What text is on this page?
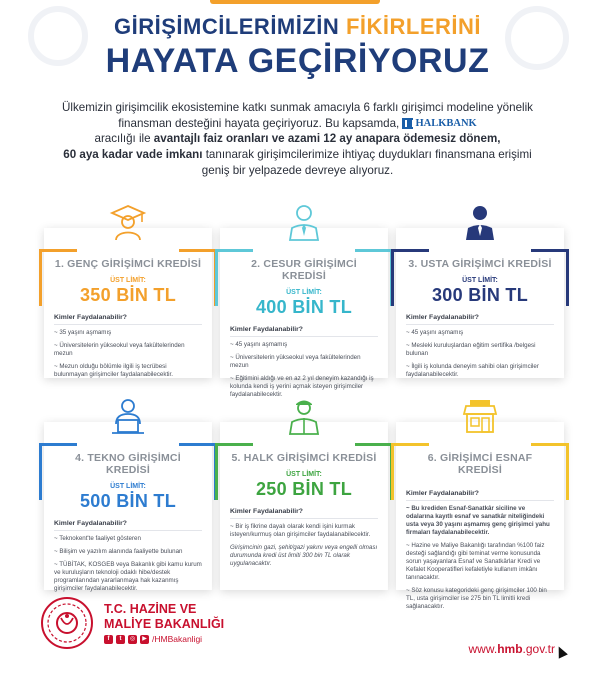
GİRİŞİMCİLERİMİZİN FİKİRLERİNİ
HAYATA GEÇİRİYORUZ
Ülkemizin girişimcilik ekosistemine katkı sunmak amacıyla 6 farklı girişimci modeline yönelik finansman desteğini hayata geçiriyoruz. Bu kapsamda, HALKBANK

aracılığı ile avantajlı faiz oranları ve azami 12 ay anapara ödemesiz dönem,
60 aya kadar vade imkanı tanınarak girişimcilerimize ihtiyaç duydukları finansmana erişimi geniş bir yelpazede devreye alıyoruz.
1. GENÇ GİRİŞİMCİ KREDİSİ
ÜST LİMİT:
350 BİN TL
Kimler Faydalanabilir?
~ 35 yaşını aşmamış
~ Üniversitelerin yükseokul veya fakültelerinden mezun
~ Mezun olduğu bölümle ilgili iş tecrübesi bulunmayan girişimciler faydalanabilecektir.
2. CESUR GİRİŞİMCİ KREDİSİ
ÜST LİMİT:
400 BİN TL
Kimler Faydalanabilir?
~ 45 yaşını aşmamış
~ Üniversitelerin yükseokul veya fakültelerinden mezun
~ Eğitimini aldığı ve en az 2 yıl deneyim kazandığı iş kolunda kendi iş yerini açmak isteyen girişimciler faydalanabilecektir.
3. USTA GİRİŞİMCİ KREDİSİ
ÜST LİMİT:
300 BİN TL
Kimler Faydalanabilir?
~ 45 yaşını aşmamış
~ Mesleki kuruluşlardan eğitim sertifika /belgesi bulunan
~ İlgili iş kolunda deneyim sahibi olan girişimciler faydalanabilecektir.
4. TEKNO GİRİŞİMCİ KREDİSİ
ÜST LİMİT:
500 BİN TL
Kimler Faydalanabilir?
~ Teknokent'te faaliyet gösteren
~ Bilişim ve yazılım alanında faaliyette bulunan
~ TÜBİTAK, KOSGEB veya Bakanlık gibi kamu kurum ve kuruluşların teknoloji odaklı hibe/destek programlarından yararlanmaya hak kazanmış girişimciler faydalanabilecektir.
5. HALK GİRİŞİMCİ KREDİSİ
ÜST LİMİT:
250 BİN TL
Kimler Faydalanabilir?
~ Bir iş fikrine dayalı olarak kendi işini kurmak isteyen/kurmuş olan girişimciler faydalanabilecektir.
Girişimcinin gazi, şehit/gazi yakını veya engelli olması durumunda kredi üst limiti 300 bin TL olarak uygulanacaktır.
6. GİRİŞİMCİ ESNAF KREDİSİ
Kimler Faydalanabilir?
~ Bu krediden Esnaf-Sanatkâr siciline ve odalarına kayıtlı esnaf ve sanatkâr niteliğindeki usta veya 30 yaşını aşmamış genç girişimci yahu firmaları faydalanabilecektir.
~ Hazine ve Maliye Bakanlığı tarafından %100 faiz desteği sağlandığı gibi teminat verme konusunda sorun yaşayanlara Esnaf ve Sanatkârlar Kredi ve Kefalet Kooperatifleri kefaletiyle kullanım imkânı tanınacaktır.
~ Söz konusu kategorideki genç girişimciler 100 bin TL, usta girişimciler ise 275 bin TL limitli kredi sağlanacaktır.
T.C. HAZİNE VE
MALİYE BAKANLIĞI
f	t	◎	▶ /HMBakanligi
www.hmb.gov.tr
